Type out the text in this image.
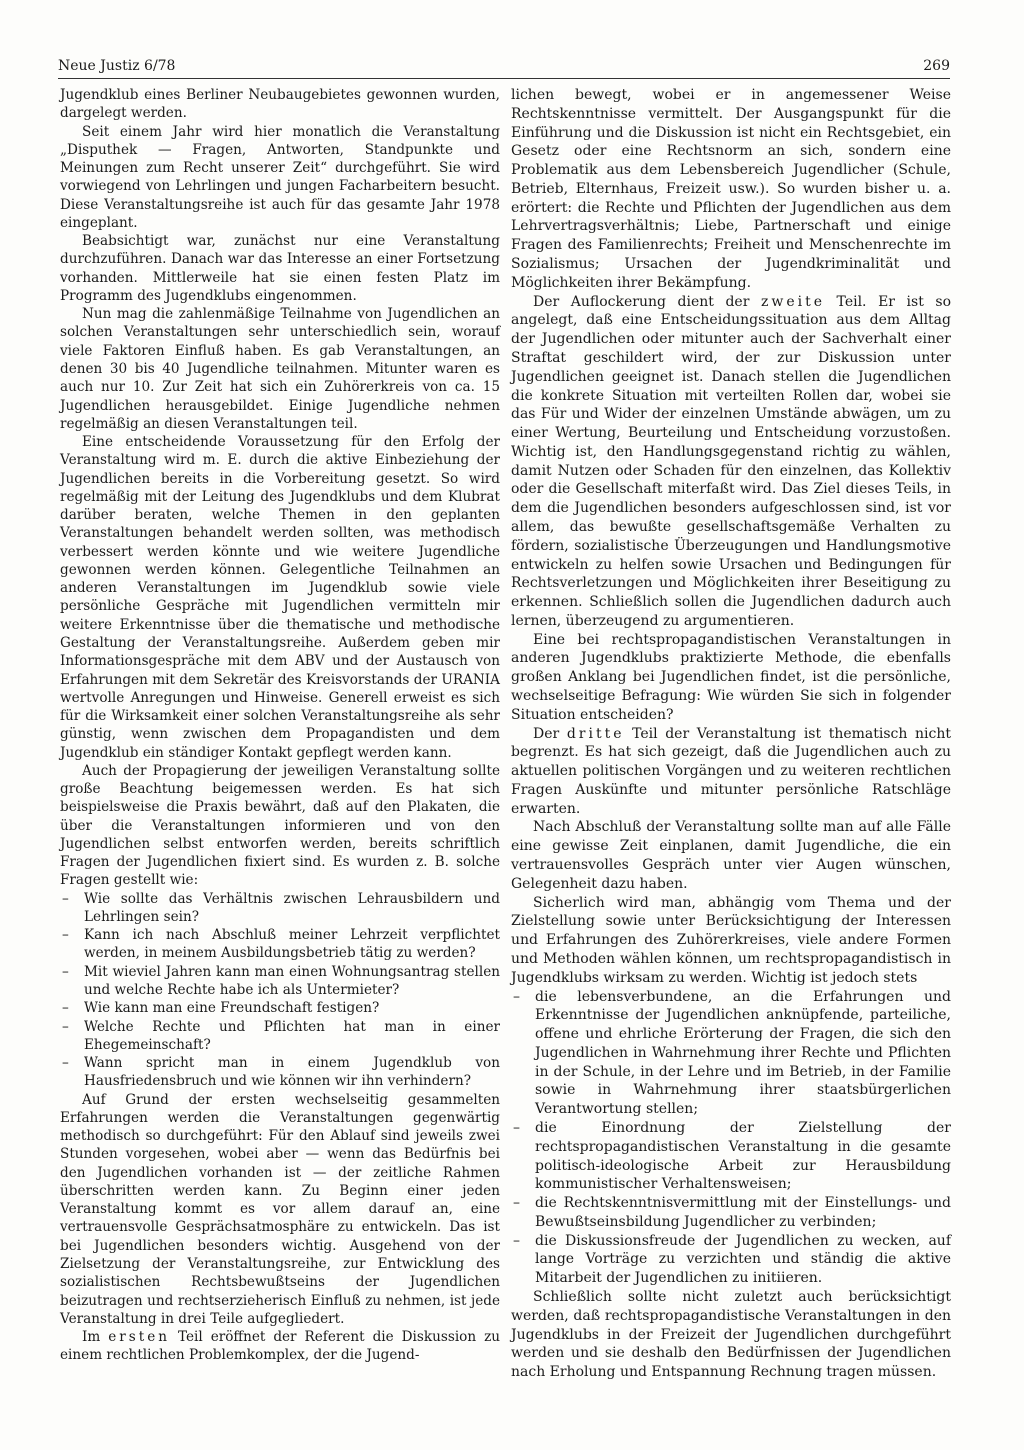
Neue Justiz 6/78	269

Jugendklub eines Berliner Neubaugebietes gewonnen wurden, dargelegt werden.

Seit einem Jahr wird hier monatlich die Veranstaltung „Disputhek — Fragen, Antworten, Standpunkte und Meinungen zum Recht unserer Zeit“ durchgeführt. Sie wird vorwiegend von Lehrlingen und jungen Facharbeitern besucht. Diese Veranstaltungsreihe ist auch für das gesamte Jahr 1978 eingeplant.

Beabsichtigt war, zunächst nur eine Veranstaltung durchzuführen. Danach war das Interesse an einer Fortsetzung vorhanden. Mittlerweile hat sie einen festen Platz im Programm des Jugendklubs eingenommen.

Nun mag die zahlenmäßige Teilnahme von Jugendlichen an solchen Veranstaltungen sehr unterschiedlich sein, worauf viele Faktoren Einfluß haben. Es gab Veranstaltungen, an denen 30 bis 40 Jugendliche teilnahmen. Mitunter waren es auch nur 10. Zur Zeit hat sich ein Zuhörerkreis von ca. 15 Jugendlichen herausgebildet. Einige Jugendliche nehmen regelmäßig an diesen Veranstaltungen teil.

Eine entscheidende Voraussetzung für den Erfolg der Veranstaltung wird m. E. durch die aktive Einbeziehung der Jugendlichen bereits in die Vorbereitung gesetzt. So wird regelmäßig mit der Leitung des Jugendklubs und dem Klubrat darüber beraten, welche Themen in den geplanten Veranstaltungen behandelt werden sollten, was methodisch verbessert werden könnte und wie weitere Jugendliche gewonnen werden können. Gelegentliche Teilnahmen an anderen Veranstaltungen im Jugendklub sowie viele persönliche Gespräche mit Jugendlichen vermitteln mir weitere Erkenntnisse über die thematische und methodische Gestaltung der Veranstaltungsreihe. Außerdem geben mir Informationsgespräche mit dem ABV und der Austausch von Erfahrungen mit dem Sekretär des Kreisvorstands der URANIA wertvolle Anregungen und Hinweise. Generell erweist es sich für die Wirksamkeit einer solchen Veranstaltungsreihe als sehr günstig, wenn zwischen dem Propagandisten und dem Jugendklub ein ständiger Kontakt gepflegt werden kann.

Auch der Propagierung der jeweiligen Veranstaltung sollte große Beachtung beigemessen werden. Es hat sich beispielsweise die Praxis bewährt, daß auf den Plakaten, die über die Veranstaltungen informieren und von den Jugendlichen selbst entworfen werden, bereits schriftlich Fragen der Jugendlichen fixiert sind. Es wurden z. B. solche Fragen gestellt wie:

– Wie sollte das Verhältnis zwischen Lehrausbildern und Lehrlingen sein?
– Kann ich nach Abschluß meiner Lehrzeit verpflichtet werden, in meinem Ausbildungsbetrieb tätig zu werden?
– Mit wieviel Jahren kann man einen Wohnungsantrag stellen und welche Rechte habe ich als Untermieter?
– Wie kann man eine Freundschaft festigen?
– Welche Rechte und Pflichten hat man in einer Ehegemeinschaft?
– Wann spricht man in einem Jugendklub von Hausfriedensbruch und wie können wir ihn verhindern?

Auf Grund der ersten wechselseitig gesammelten Erfahrungen werden die Veranstaltungen gegenwärtig methodisch so durchgeführt: Für den Ablauf sind jeweils zwei Stunden vorgesehen, wobei aber — wenn das Bedürfnis bei den Jugendlichen vorhanden ist — der zeitliche Rahmen überschritten werden kann. Zu Beginn einer jeden Veranstaltung kommt es vor allem darauf an, eine vertrauensvolle Gesprächsatmosphäre zu entwickeln. Das ist bei Jugendlichen besonders wichtig. Ausgehend von der Zielsetzung der Veranstaltungsreihe, zur Entwicklung des sozialistischen Rechtsbewußtseins der Jugendlichen beizutragen und rechtserzieherisch Einfluß zu nehmen, ist jede Veranstaltung in drei Teile aufgegliedert.

Im ersten Teil eröffnet der Referent die Diskussion zu einem rechtlichen Problemkomplex, der die Jugend-

lichen bewegt, wobei er in angemessener Weise Rechtskenntnisse vermittelt. Der Ausgangspunkt für die Einführung und die Diskussion ist nicht ein Rechtsgebiet, ein Gesetz oder eine Rechtsnorm an sich, sondern eine Problematik aus dem Lebensbereich Jugendlicher (Schule, Betrieb, Elternhaus, Freizeit usw.). So wurden bisher u. a. erörtert: die Rechte und Pflichten der Jugendlichen aus dem Lehrvertragsverhältnis; Liebe, Partnerschaft und einige Fragen des Familienrechts; Freiheit und Menschenrechte im Sozialismus; Ursachen der Jugendkriminalität und Möglichkeiten ihrer Bekämpfung.

Der Auflockerung dient der zweite Teil. Er ist so angelegt, daß eine Entscheidungssituation aus dem Alltag der Jugendlichen oder mitunter auch der Sachverhalt einer Straftat geschildert wird, der zur Diskussion unter Jugendlichen geeignet ist. Danach stellen die Jugendlichen die konkrete Situation mit verteilten Rollen dar, wobei sie das Für und Wider der einzelnen Umstände abwägen, um zu einer Wertung, Beurteilung und Entscheidung vorzustoßen. Wichtig ist, den Handlungsgegenstand richtig zu wählen, damit Nutzen oder Schaden für den einzelnen, das Kollektiv oder die Gesellschaft miterfaßt wird. Das Ziel dieses Teils, in dem die Jugendlichen besonders aufgeschlossen sind, ist vor allem, das bewußte gesellschaftsgemäße Verhalten zu fördern, sozialistische Überzeugungen und Handlungsmotive entwickeln zu helfen sowie Ursachen und Bedingungen für Rechtsverletzungen und Möglichkeiten ihrer Beseitigung zu erkennen. Schließlich sollen die Jugendlichen dadurch auch lernen, überzeugend zu argumentieren.

Eine bei rechtspropagandistischen Veranstaltungen in anderen Jugendklubs praktizierte Methode, die ebenfalls großen Anklang bei Jugendlichen findet, ist die persönliche, wechselseitige Befragung: Wie würden Sie sich in folgender Situation entscheiden?

Der dritte Teil der Veranstaltung ist thematisch nicht begrenzt. Es hat sich gezeigt, daß die Jugendlichen auch zu aktuellen politischen Vorgängen und zu weiteren rechtlichen Fragen Auskünfte und mitunter persönliche Ratschläge erwarten.

Nach Abschluß der Veranstaltung sollte man auf alle Fälle eine gewisse Zeit einplanen, damit Jugendliche, die ein vertrauensvolles Gespräch unter vier Augen wünschen, Gelegenheit dazu haben.

Sicherlich wird man, abhängig vom Thema und der Zielstellung sowie unter Berücksichtigung der Interessen und Erfahrungen des Zuhörerkreises, viele andere Formen und Methoden wählen können, um rechtspropagandistisch in Jugendklubs wirksam zu werden. Wichtig ist jedoch stets

– die lebensverbundene, an die Erfahrungen und Erkenntnisse der Jugendlichen anknüpfende, parteiliche, offene und ehrliche Erörterung der Fragen, die sich den Jugendlichen in Wahrnehmung ihrer Rechte und Pflichten in der Schule, in der Lehre und im Betrieb, in der Familie sowie in Wahrnehmung ihrer staatsbürgerlichen Verantwortung stellen;
– die Einordnung der Zielstellung der rechtspropagandistischen Veranstaltung in die gesamte politisch-ideologische Arbeit zur Herausbildung kommunistischer Verhaltensweisen;
– die Rechtskenntnisvermittlung mit der Einstellungs- und Bewußtseinsbildung Jugendlicher zu verbinden;
– die Diskussionsfreude der Jugendlichen zu wecken, auf lange Vorträge zu verzichten und ständig die aktive Mitarbeit der Jugendlichen zu initiieren.

Schließlich sollte nicht zuletzt auch berücksichtigt werden, daß rechtspropagandistische Veranstaltungen in den Jugendklubs in der Freizeit der Jugendlichen durchgeführt werden und sie deshalb den Bedürfnissen der Jugendlichen nach Erholung und Entspannung Rechnung tragen müssen.
